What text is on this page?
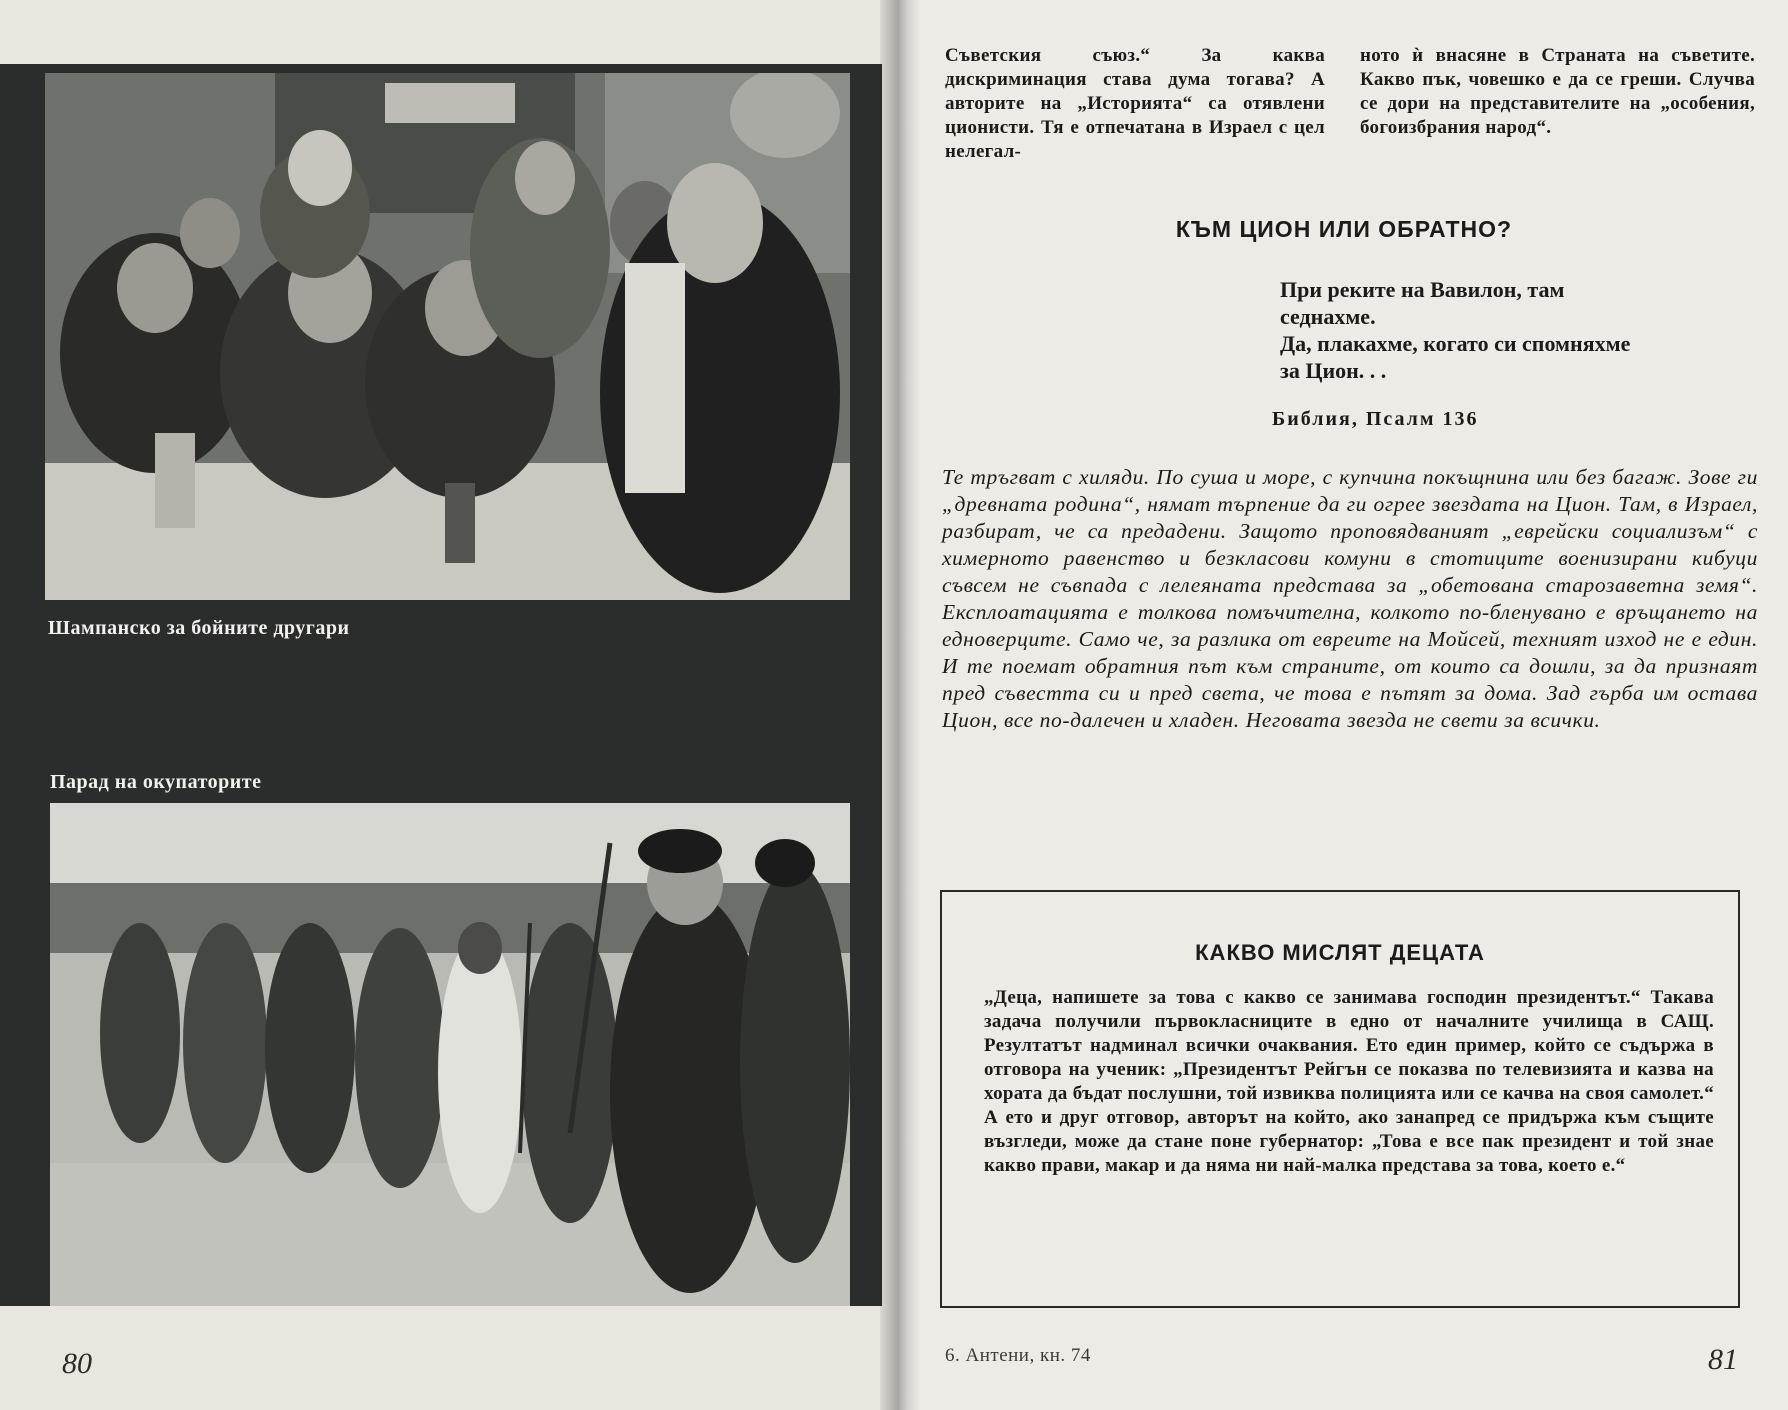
Шампанско за бойните другари
Парад на окупаторите
80
Съветския съюз.“ За каква дискриминация става дума тогава? А авторите на „Историята“ са отявлени ционисти. Тя е отпечатана в Израел с цел нелегал-
ното ѝ внасяне в Страната на съветите. Какво пък, човешко е да се греши. Случва се дори на представителите на „особения, богоизбрания народ“.
КЪМ ЦИОН ИЛИ ОБРАТНО?
При реките на Вавилон, там
седнахме.
Да, плакахме, когато си спомняхме
за Цион. . .
Библия, Псалм 136
Те тръгват с хиляди. По суша и море, с купчина покъщнина или без багаж. Зове ги „древната родина“, нямат търпение да ги огрее звездата на Цион. Там, в Израел, разбират, че са предадени. Защото проповядваният „еврейски социализъм“ с химерното равенство и безкласови комуни в стотиците военизирани кибуци съвсем не съвпада с лелеяната представа за „обетована старозаветна земя“. Експлоатацията е толкова помъчителна, колкото по-бленувано е връщането на едноверците. Само че, за разлика от евреите на Мойсей, техният изход не е един. И те поемат обратния път към страните, от които са дошли, за да признаят пред съвестта си и пред света, че това е пътят за дома. Зад гърба им остава Цион, все по-далечен и хладен. Неговата звезда не свети за всички.
КАКВО МИСЛЯТ ДЕЦАТА
„Деца, напишете за това с какво се занимава господин президентът.“ Такава задача получили първокласниците в едно от началните училища в САЩ. Резултатът надминал всички очаквания. Ето един пример, който се съдържа в отговора на ученик: „Президентът Рейгън се показва по телевизията и казва на хората да бъдат послушни, той извиква полицията или се качва на своя самолет.“ А ето и друг отговор, авторът на който, ако занапред се придържа към същите възгледи, може да стане поне губернатор: „Това е все пак президент и той знае какво прави, макар и да няма ни най-малка представа за това, което е.“
6. Антени, кн. 74	81
